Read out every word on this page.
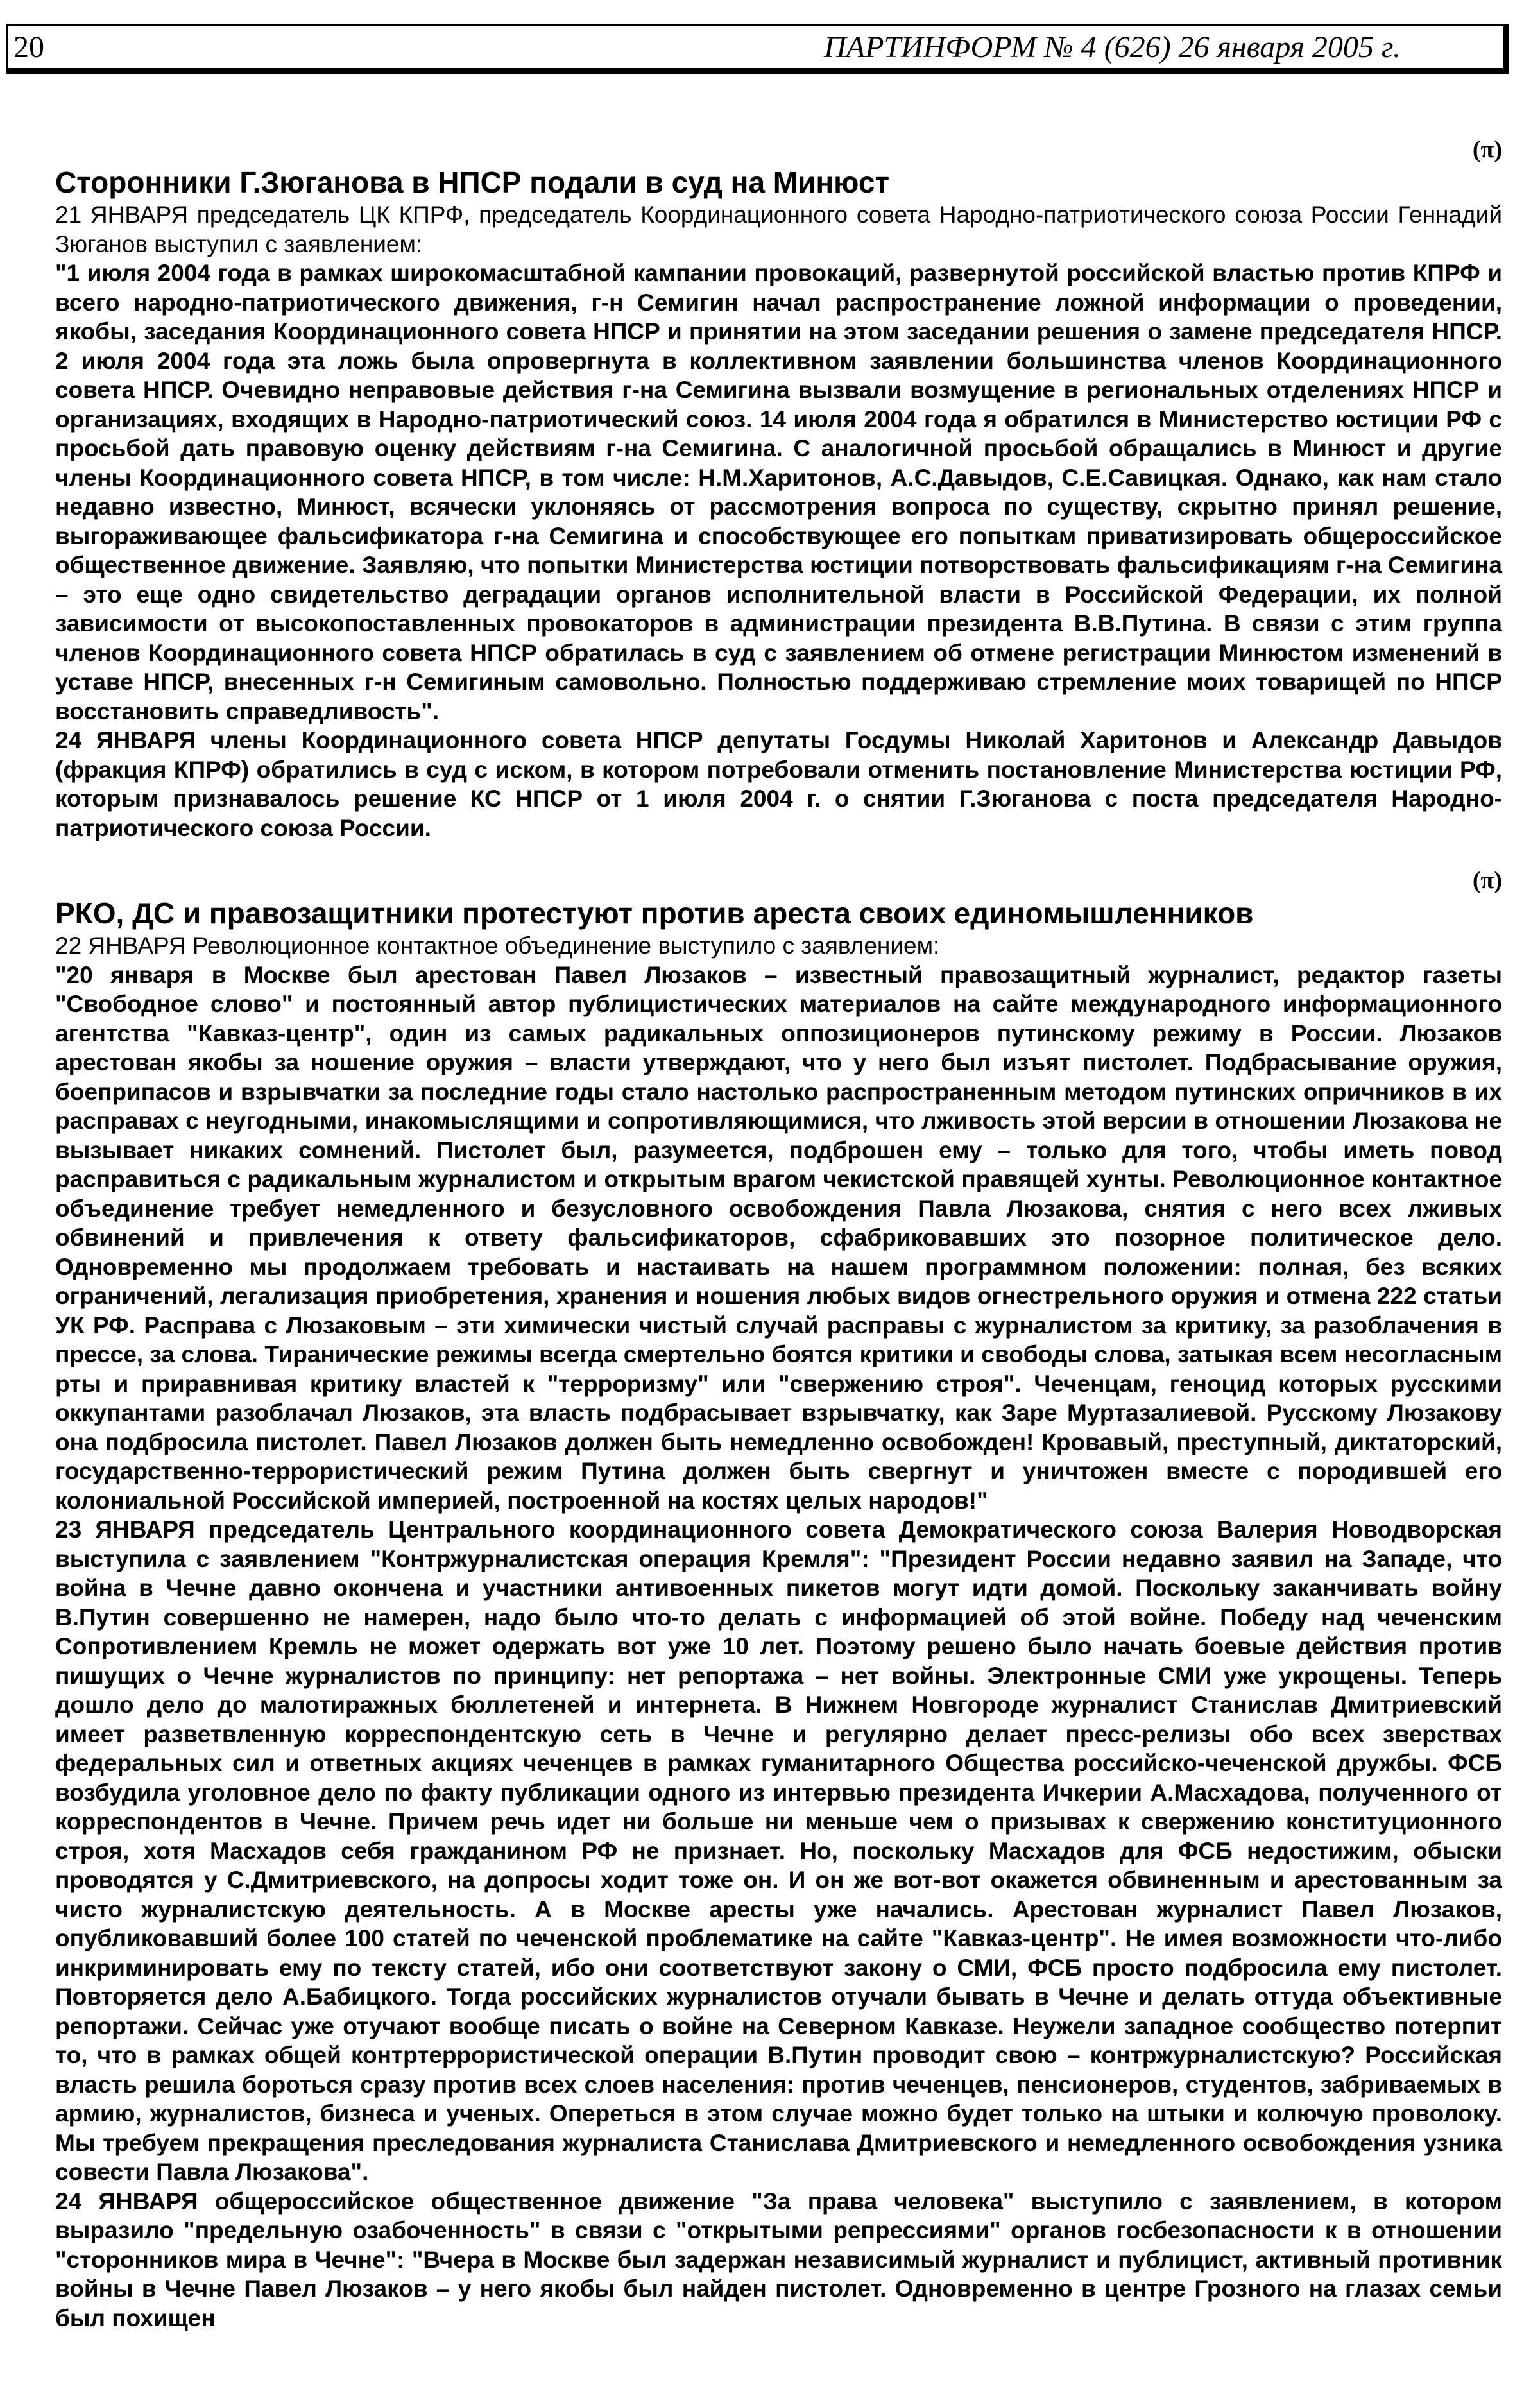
20	ПАРТИНФОРМ № 4 (626) 26 января 2005 г.
(π)
Сторонники Г.Зюганова в НПСР подали в суд на Минюст

21 ЯНВАРЯ председатель ЦК КПРФ, председатель Координационного совета Народно-патриотического союза России Геннадий Зюганов выступил с заявлением:

"1 июля 2004 года в рамках широкомасштабной кампании провокаций, развернутой российской властью против КПРФ и всего народно-патриотического движения, г-н Семигин начал распространение ложной информации о проведении, якобы, заседания Координационного совета НПСР и принятии на этом заседании решения о замене председателя НПСР. 2 июля 2004 года эта ложь была опровергнута в коллективном заявлении большинства членов Координационного совета НПСР. Очевидно неправовые действия г-на Семигина вызвали возмущение в региональных отделениях НПСР и организациях, входящих в Народно-патриотический союз. 14 июля 2004 года я обратился в Министерство юстиции РФ с просьбой дать правовую оценку действиям г-на Семигина. С аналогичной просьбой обращались в Минюст и другие члены Координационного совета НПСР, в том числе: Н.М.Харитонов, А.С.Давыдов, С.Е.Савицкая. Однако, как нам стало недавно известно, Минюст, всячески уклоняясь от рассмотрения вопроса по существу, скрытно принял решение, выгораживающее фальсификатора г-на Семигина и способствующее его попыткам приватизировать общероссийское общественное движение. Заявляю, что попытки Министерства юстиции потворствовать фальсификациям г-на Семигина – это еще одно свидетельство деградации органов исполнительной власти в Российской Федерации, их полной зависимости от высокопоставленных провокаторов в администрации президента В.В.Путина. В связи с этим группа членов Координационного совета НПСР обратилась в суд с заявлением об отмене регистрации Минюстом изменений в уставе НПСР, внесенных г-н Семигиным самовольно. Полностью поддерживаю стремление моих товарищей по НПСР восстановить справедливость".

24 ЯНВАРЯ члены Координационного совета НПСР депутаты Госдумы Николай Харитонов и Александр Давыдов (фракция КПРФ) обратились в суд с иском, в котором потребовали отменить постановление Министерства юстиции РФ, которым признавалось решение КС НПСР от 1 июля 2004 г. о снятии Г.Зюганова с поста председателя Народно-патриотического союза России.

(π)
РКО, ДС и правозащитники протестуют против ареста своих единомышленников

22 ЯНВАРЯ Революционное контактное объединение выступило с заявлением:

"20 января в Москве был арестован Павел Люзаков – известный правозащитный журналист, редактор газеты "Свободное слово" и постоянный автор публицистических материалов на сайте международного информационного агентства "Кавказ-центр", один из самых радикальных оппозиционеров путинскому режиму в России. Люзаков арестован якобы за ношение оружия – власти утверждают, что у него был изъят пистолет. Подбрасывание оружия, боеприпасов и взрывчатки за последние годы стало настолько распространенным методом путинских опричников в их расправах с неугодными, инакомыслящими и сопротивляющимися, что лживость этой версии в отношении Люзакова не вызывает никаких сомнений. Пистолет был, разумеется, подброшен ему – только для того, чтобы иметь повод расправиться с радикальным журналистом и открытым врагом чекистской правящей хунты. Революционное контактное объединение требует немедленного и безусловного освобождения Павла Люзакова, снятия с него всех лживых обвинений и привлечения к ответу фальсификаторов, сфабриковавших это позорное политическое дело. Одновременно мы продолжаем требовать и настаивать на нашем программном положении: полная, без всяких ограничений, легализация приобретения, хранения и ношения любых видов огнестрельного оружия и отмена 222 статьи УК РФ. Расправа с Люзаковым – эти химически чистый случай расправы с журналистом за критику, за разоблачения в прессе, за слова. Тиранические режимы всегда смертельно боятся критики и свободы слова, затыкая всем несогласным рты и приравнивая критику властей к "терроризму" или "свержению строя". Чеченцам, геноцид которых русскими оккупантами разоблачал Люзаков, эта власть подбрасывает взрывчатку, как Заре Муртазалиевой. Русскому Люзакову она подбросила пистолет. Павел Люзаков должен быть немедленно освобожден! Кровавый, преступный, диктаторский, государственно-террористический режим Путина должен быть свергнут и уничтожен вместе с породившей его колониальной Российской империей, построенной на костях целых народов!"

23 ЯНВАРЯ председатель Центрального координационного совета Демократического союза Валерия Новодворская выступила с заявлением "Контржурналистская операция Кремля": "Президент России недавно заявил на Западе, что война в Чечне давно окончена и участники антивоенных пикетов могут идти домой. Поскольку заканчивать войну В.Путин совершенно не намерен, надо было что-то делать с информацией об этой войне. Победу над чеченским Сопротивлением Кремль не может одержать вот уже 10 лет. Поэтому решено было начать боевые действия против пишущих о Чечне журналистов по принципу: нет репортажа – нет войны. Электронные СМИ уже укрощены. Теперь дошло дело до малотиражных бюллетеней и интернета. В Нижнем Новгороде журналист Станислав Дмитриевский имеет разветвленную корреспондентскую сеть в Чечне и регулярно делает пресс-релизы обо всех зверствах федеральных сил и ответных акциях чеченцев в рамках гуманитарного Общества российско-чеченской дружбы. ФСБ возбудила уголовное дело по факту публикации одного из интервью президента Ичкерии А.Масхадова, полученного от корреспондентов в Чечне. Причем речь идет ни больше ни меньше чем о призывах к свержению конституционного строя, хотя Масхадов себя гражданином РФ не признает. Но, поскольку Масхадов для ФСБ недостижим, обыски проводятся у С.Дмитриевского, на допросы ходит тоже он. И он же вот-вот окажется обвиненным и арестованным за чисто журналистскую деятельность. А в Москве аресты уже начались. Арестован журналист Павел Люзаков, опубликовавший более 100 статей по чеченской проблематике на сайте "Кавказ-центр". Не имея возможности что-либо инкриминировать ему по тексту статей, ибо они соответствуют закону о СМИ, ФСБ просто подбросила ему пистолет. Повторяется дело А.Бабицкого. Тогда российских журналистов отучали бывать в Чечне и делать оттуда объективные репортажи. Сейчас уже отучают вообще писать о войне на Северном Кавказе. Неужели западное сообщество потерпит то, что в рамках общей контртеррористической операции В.Путин проводит свою – контржурналистскую? Российская власть решила бороться сразу против всех слоев населения: против чеченцев, пенсионеров, студентов, забриваемых в армию, журналистов, бизнеса и ученых. Опереться в этом случае можно будет только на штыки и колючую проволоку. Мы требуем прекращения преследования журналиста Станислава Дмитриевского и немедленного освобождения узника совести Павла Люзакова".

24 ЯНВАРЯ общероссийское общественное движение "За права человека" выступило с заявлением, в котором выразило "предельную озабоченность" в связи с "открытыми репрессиями" органов госбезопасности к в отношении "сторонников мира в Чечне": "Вчера в Москве был задержан независимый журналист и публицист, активный противник войны в Чечне Павел Люзаков – у него якобы был найден пистолет. Одновременно в центре Грозного на глазах семьи был похищен
